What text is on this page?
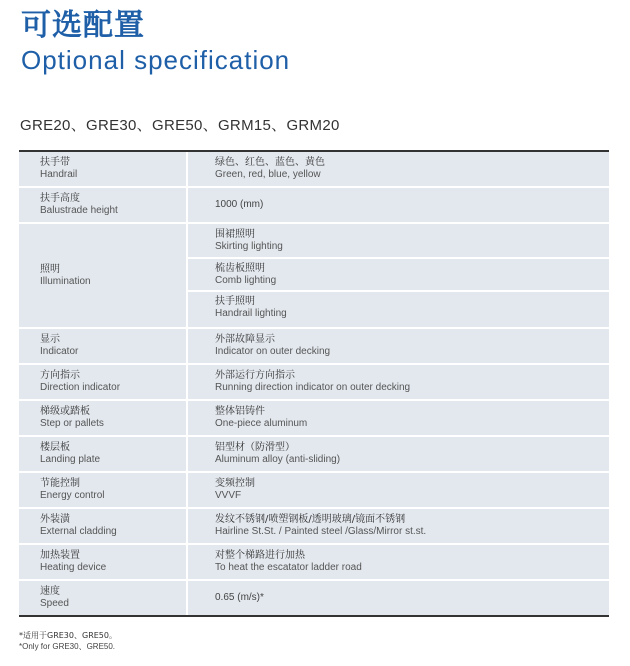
可选配置
Optional specification
GRE20、GRE30、GRE50、GRM15、GRM20
扶手带
Handrail
绿色、红色、蓝色、黄色
Green, red, blue, yellow
扶手高度
Balustrade height
1000 (mm)
照明
Illumination
围裙照明
Skirting lighting
梳齿板照明
Comb lighting
扶手照明
Handrail lighting
显示
Indicator
外部故障显示
Indicator on outer decking
方向指示
Direction indicator
外部运行方向指示
Running direction indicator on outer decking
梯级或踏板
Step or pallets
整体铝铸件
One-piece aluminum
楼层板
Landing plate
铝型材（防滑型）
Aluminum alloy (anti-sliding)
节能控制
Energy control
变频控制
VVVF
外装潢
External cladding
发纹不锈钢/喷塑钢板/透明玻璃/镜面不锈钢
Hairline St.St. / Painted steel /Glass/Mirror st.st.
加热装置
Heating device
对整个梯路进行加热
To heat the escatator ladder road
速度
Speed
0.65 (m/s)*
*适用于GRE30、GRE50。
*Only for GRE30、GRE50.
